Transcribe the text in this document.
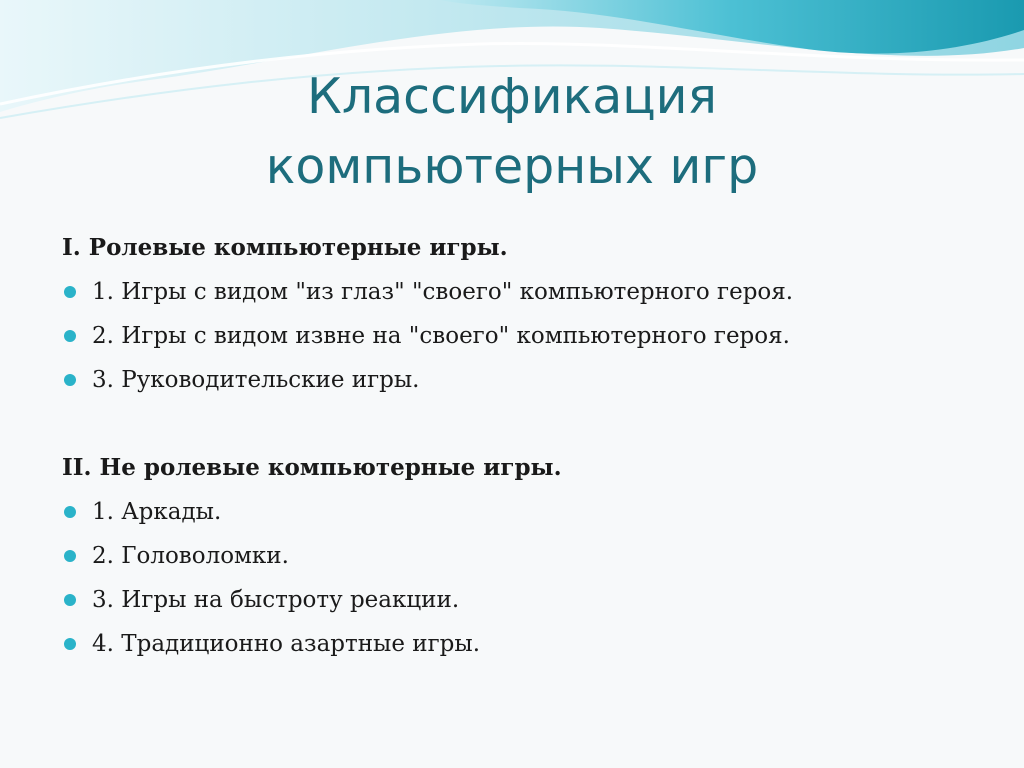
Классификация
компьютерных игр

I. Ролевые компьютерные игры.

1. Игры с видом "из глаз" "своего" компьютерного героя.
2. Игры с видом извне на "своего" компьютерного героя.
3. Руководительские игры.

II. Не ролевые компьютерные игры.

1. Аркады.
2. Головоломки.
3. Игры на быстроту реакции.
4. Традиционно азартные игры.
